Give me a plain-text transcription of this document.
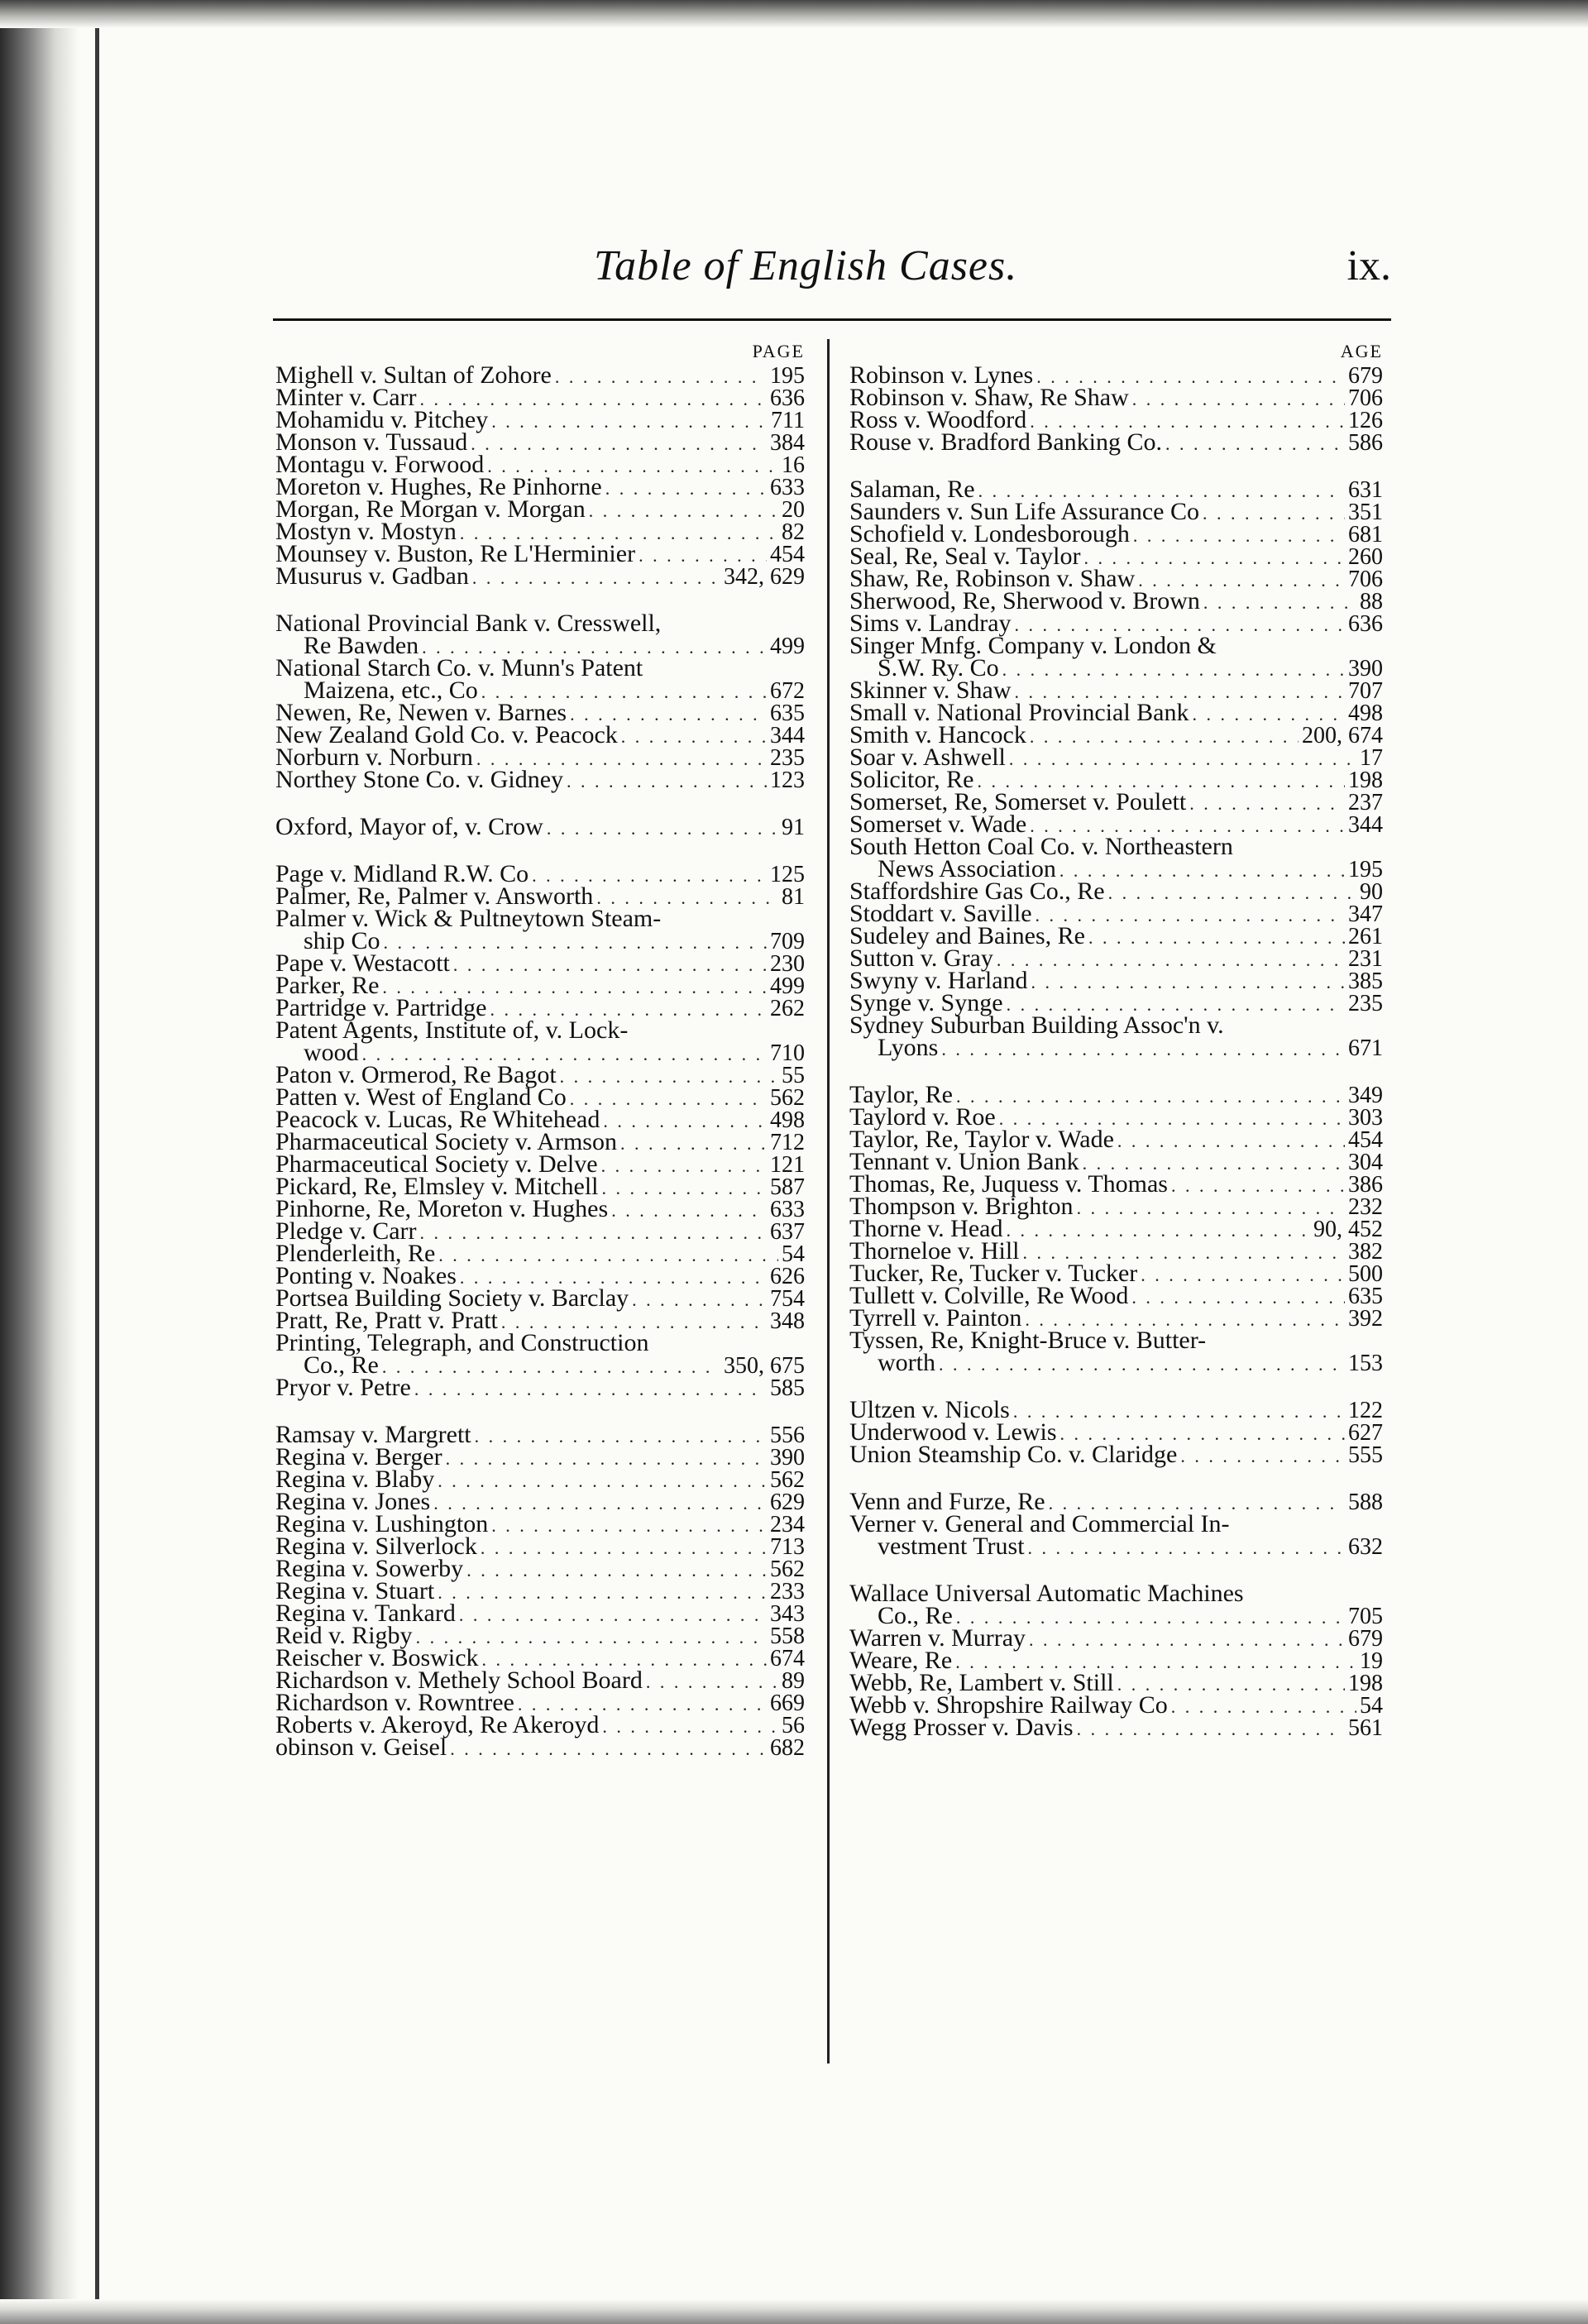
Table of English Cases.	ix.
PAGE
Mighell v. Sultan of Zohore . . .	195
Minter v. Carr . . .	636
Mohamidu v. Pitchey . . .	711
Monson v. Tussaud . . .	384
Montagu v. Forwood . . .	16
Moreton v. Hughes, Re Pinhorne . . .	633
Morgan, Re Morgan v. Morgan . . .	20
Mostyn v. Mostyn . . .	82
Mounsey v. Buston, Re L'Herminier . . .	454
Musurus v. Gadban . . .	342, 629
National Provincial Bank v. Cresswell,
Re Bawden . . .	499
National Starch Co. v. Munn's Patent
Maizena, etc., Co . . .	672
Newen, Re, Newen v. Barnes . . .	635
New Zealand Gold Co. v. Peacock . . .	344
Norburn v. Norburn . . .	235
Northey Stone Co. v. Gidney . . .	123
Oxford, Mayor of, v. Crow . . .	91
Page v. Midland R.W. Co . . .	125
Palmer, Re, Palmer v. Answorth . . .	81
Palmer v. Wick & Pultneytown Steam-
ship Co . . .	709
Pape v. Westacott . . .	230
Parker, Re . . .	499
Partridge v. Partridge . . .	262
Patent Agents, Institute of, v. Lock-
wood . . .	710
Paton v. Ormerod, Re Bagot . . .	55
Patten v. West of England Co . . .	562
Peacock v. Lucas, Re Whitehead . . .	498
Pharmaceutical Society v. Armson . . .	712
Pharmaceutical Society v. Delve . . .	121
Pickard, Re, Elmsley v. Mitchell . . .	587
Pinhorne, Re, Moreton v. Hughes . . .	633
Pledge v. Carr . . .	637
Plenderleith, Re . . .	54
Ponting v. Noakes . . .	626
Portsea Building Society v. Barclay . . .	754
Pratt, Re, Pratt v. Pratt . . .	348
Printing, Telegraph, and Construction
Co., Re . . .	350, 675
Pryor v. Petre . . .	585
Ramsay v. Margrett . . .	556
Regina v. Berger . . .	390
Regina v. Blaby . . .	562
Regina v. Jones . . .	629
Regina v. Lushington . . .	234
Regina v. Silverlock . . .	713
Regina v. Sowerby . . .	562
Regina v. Stuart . . .	233
Regina v. Tankard . . .	343
Reid v. Rigby . . .	558
Reischer v. Boswick . . .	674
Richardson v. Methely School Board . . .	89
Richardson v. Rowntree . . .	669
Roberts v. Akeroyd, Re Akeroyd . . .	56
obinson v. Geisel . . .	682
AGE
Robinson v. Lynes . . .	679
Robinson v. Shaw, Re Shaw . . .	706
Ross v. Woodford . . .	126
Rouse v. Bradford Banking Co. . . .	586
Salaman, Re . . .	631
Saunders v. Sun Life Assurance Co . . .	351
Schofield v. Londesborough . . .	681
Seal, Re, Seal v. Taylor . . .	260
Shaw, Re, Robinson v. Shaw . . .	706
Sherwood, Re, Sherwood v. Brown . . .	88
Sims v. Landray . . .	636
Singer Mnfg. Company v. London &
S.W. Ry. Co . . .	390
Skinner v. Shaw . . .	707
Small v. National Provincial Bank . . .	498
Smith v. Hancock . . .	200, 674
Soar v. Ashwell . . .	17
Solicitor, Re . . .	198
Somerset, Re, Somerset v. Poulett . . .	237
Somerset v. Wade . . .	344
South Hetton Coal Co. v. Northeastern
News Association . . .	195
Staffordshire Gas Co., Re . . .	90
Stoddart v. Saville . . .	347
Sudeley and Baines, Re . . .	261
Sutton v. Gray . . .	231
Swyny v. Harland . . .	385
Synge v. Synge . . .	235
Sydney Suburban Building Assoc'n v.
Lyons . . .	671
Taylor, Re . . .	349
Taylord v. Roe . . .	303
Taylor, Re, Taylor v. Wade . . .	454
Tennant v. Union Bank . . .	304
Thomas, Re, Juquess v. Thomas . . .	386
Thompson v. Brighton . . .	232
Thorne v. Head . . .	90, 452
Thorneloe v. Hill . . .	382
Tucker, Re, Tucker v. Tucker . . .	500
Tullett v. Colville, Re Wood . . .	635
Tyrrell v. Painton . . .	392
Tyssen, Re, Knight-Bruce v. Butter-
worth . . .	153
Ultzen v. Nicols . . .	122
Underwood v. Lewis . . .	627
Union Steamship Co. v. Claridge . . .	555
Venn and Furze, Re . . .	588
Verner v. General and Commercial In-
vestment Trust . . .	632
Wallace Universal Automatic Machines
Co., Re . . .	705
Warren v. Murray . . .	679
Weare, Re . . .	19
Webb, Re, Lambert v. Still . . .	198
Webb v. Shropshire Railway Co . . .	54
Wegg Prosser v. Davis . . .	561
